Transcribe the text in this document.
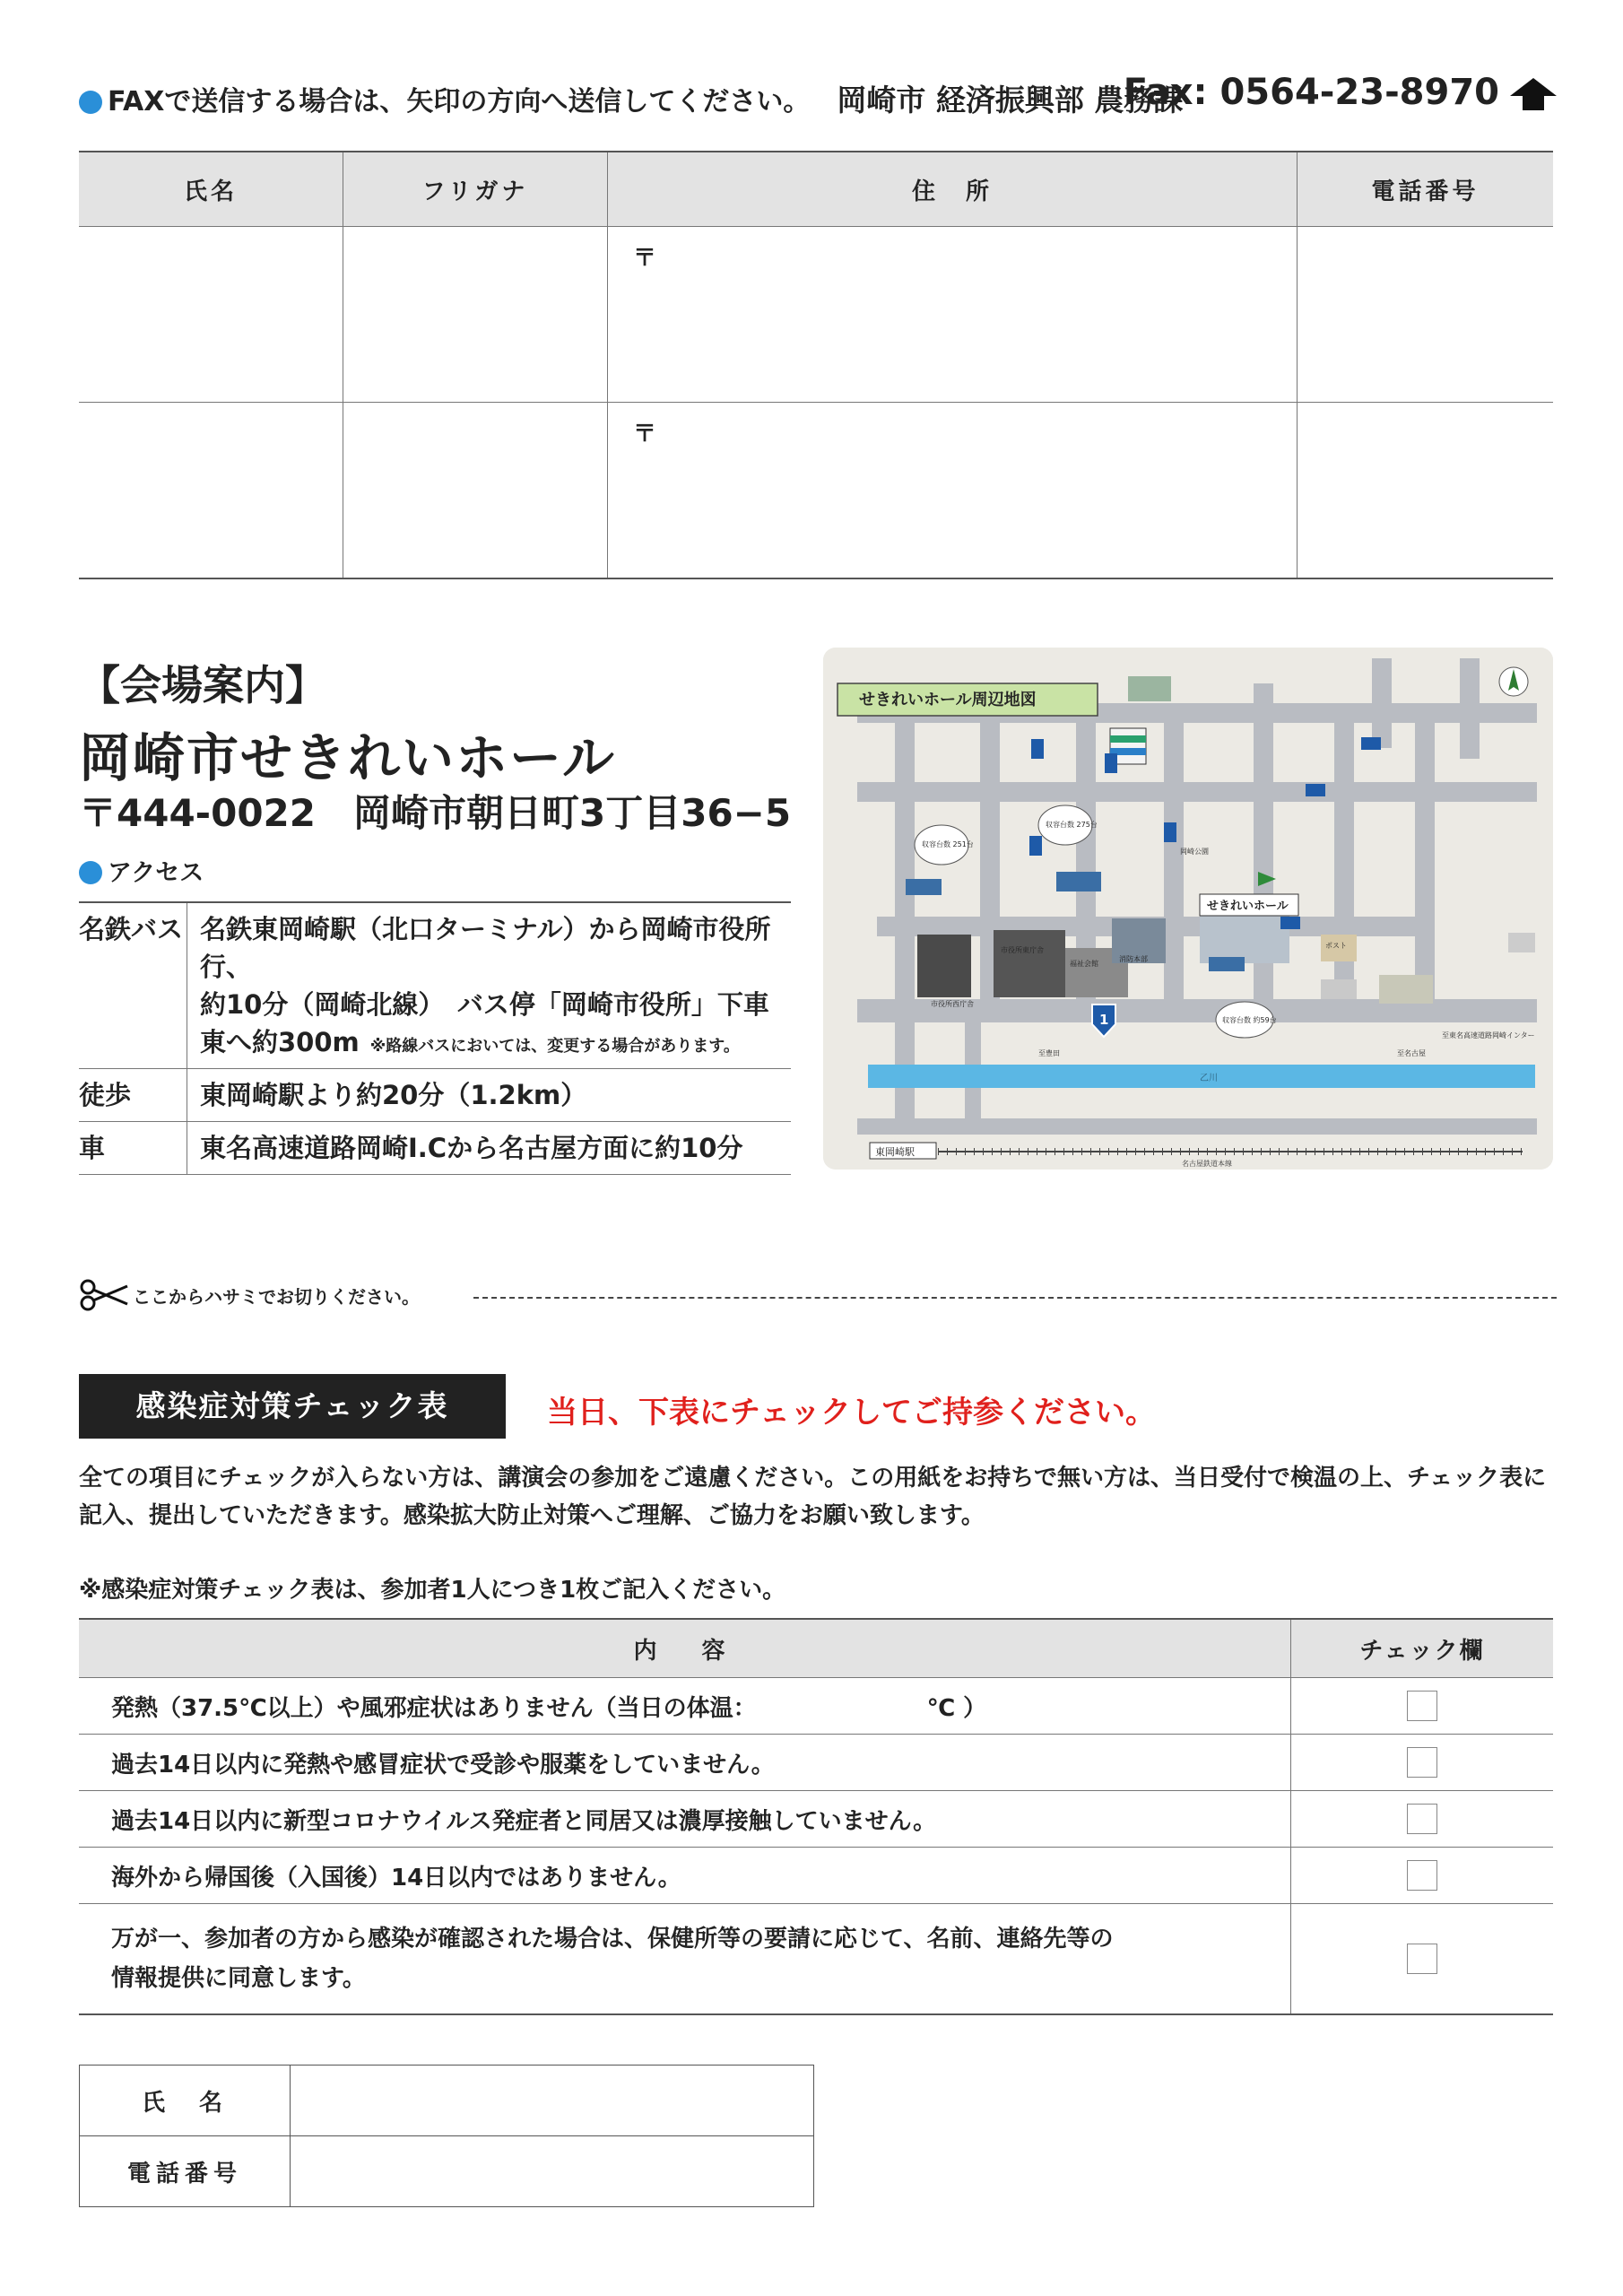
FAXで送信する場合は、矢印の方向へ送信してください。 岡崎市 経済振興部 農務課
Fax: 0564-23-8970
氏名	フリガナ	住　所	電話番号

		〒	

		〒	

【会場案内】
岡崎市せきれいホール
〒444-0022　岡崎市朝日町3丁目36−5
アクセス
名鉄バス	名鉄東岡崎駅（北口ターミナル）から岡崎市役所行、
約10分（岡崎北線）　バス停「岡崎市役所」下車
東へ約300m ※路線バスにおいては、変更する場合があります。

徒歩	東岡崎駅より約20分（1.2km）
車	東名高速道路岡崎I.Cから名古屋方面に約10分
乙川
名古屋鉄道本線
東岡崎駅
せきれいホール周辺地図
せきれいホール
1
岡崎公園
市役所東庁舎
市役所西庁舎
福祉会館
消防本部
ポスト
至豊田	至名古屋
至東名高速道路岡崎インター
収容台数 275台
収容台数 251台
収容台数 約59台
ここからハサミでお切りください。
感染症対策チェック表	当日、下表にチェックしてご持参ください。
全ての項目にチェックが入らない方は、講演会の参加をご遠慮ください。この用紙をお持ちで無い方は、当日受付で検温の上、チェック表に記入、提出していただきます。感染拡大防止対策へご理解、ご協力をお願い致します。
※感染症対策チェック表は、参加者1人につき1枚ご記入ください。
内　容	チェック欄
発熱（37.5℃以上）や風邪症状はありません（当日の体温： ℃ ）	
過去14日以内に発熱や感冒症状で受診や服薬をしていません。	
過去14日以内に新型コロナウイルス発症者と同居又は濃厚接触していません。	
海外から帰国後（入国後）14日以内ではありません。	

万が一、参加者の方から感染が確認された場合は、保健所等の要請に応じて、名前、連絡先等の
情報提供に同意します。	

氏　名	
電話番号	
